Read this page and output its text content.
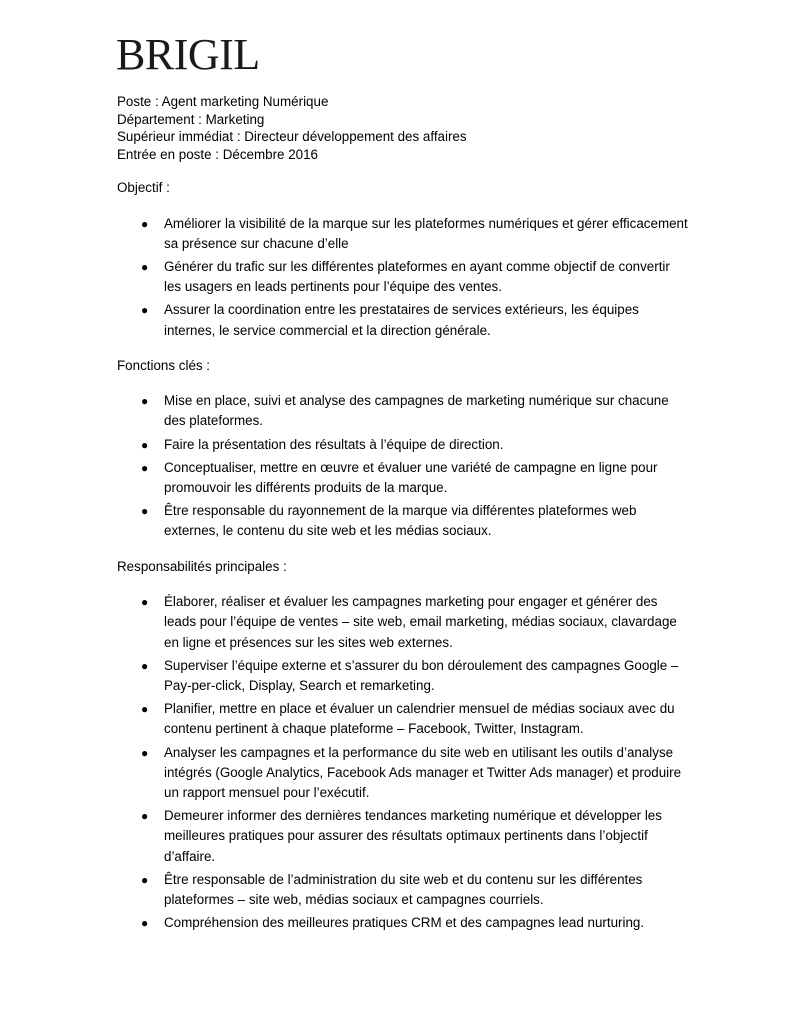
BRIGIL
Poste : Agent marketing Numérique
Département : Marketing
Supérieur immédiat : Directeur développement des affaires
Entrée en poste : Décembre 2016
Objectif :
● Améliorer la visibilité de la marque sur les plateformes numériques et gérer efficacement sa présence sur chacune d’elle
● Générer du trafic sur les différentes plateformes en ayant comme objectif de convertir les usagers en leads pertinents pour l’équipe des ventes.
● Assurer la coordination entre les prestataires de services extérieurs, les équipes internes, le service commercial et la direction générale.
Fonctions clés :
● Mise en place, suivi et analyse des campagnes de marketing numérique sur chacune des plateformes.
● Faire la présentation des résultats à l’équipe de direction.
● Conceptualiser, mettre en œuvre et évaluer une variété de campagne en ligne pour promouvoir les différents produits de la marque.
● Être responsable du rayonnement de la marque via différentes plateformes web externes, le contenu du site web et les médias sociaux.
Responsabilités principales :
● Élaborer, réaliser et évaluer les campagnes marketing pour engager et générer des leads pour l’équipe de ventes – site web, email marketing, médias sociaux, clavardage en ligne et présences sur les sites web externes.
● Superviser l’équipe externe et s’assurer du bon déroulement des campagnes Google – Pay-per-click, Display, Search et remarketing.
● Planifier, mettre en place et évaluer un calendrier mensuel de médias sociaux avec du contenu pertinent à chaque plateforme – Facebook, Twitter, Instagram.
● Analyser les campagnes et la performance du site web en utilisant les outils d’analyse intégrés (Google Analytics, Facebook Ads manager et Twitter Ads manager) et produire un rapport mensuel pour l’exécutif.
● Demeurer informer des dernières tendances marketing numérique et développer les meilleures pratiques pour assurer des résultats optimaux pertinents dans l’objectif d’affaire.
● Être responsable de l’administration du site web et du contenu sur les différentes plateformes – site web, médias sociaux et campagnes courriels.
● Compréhension des meilleures pratiques CRM et des campagnes lead nurturing.
